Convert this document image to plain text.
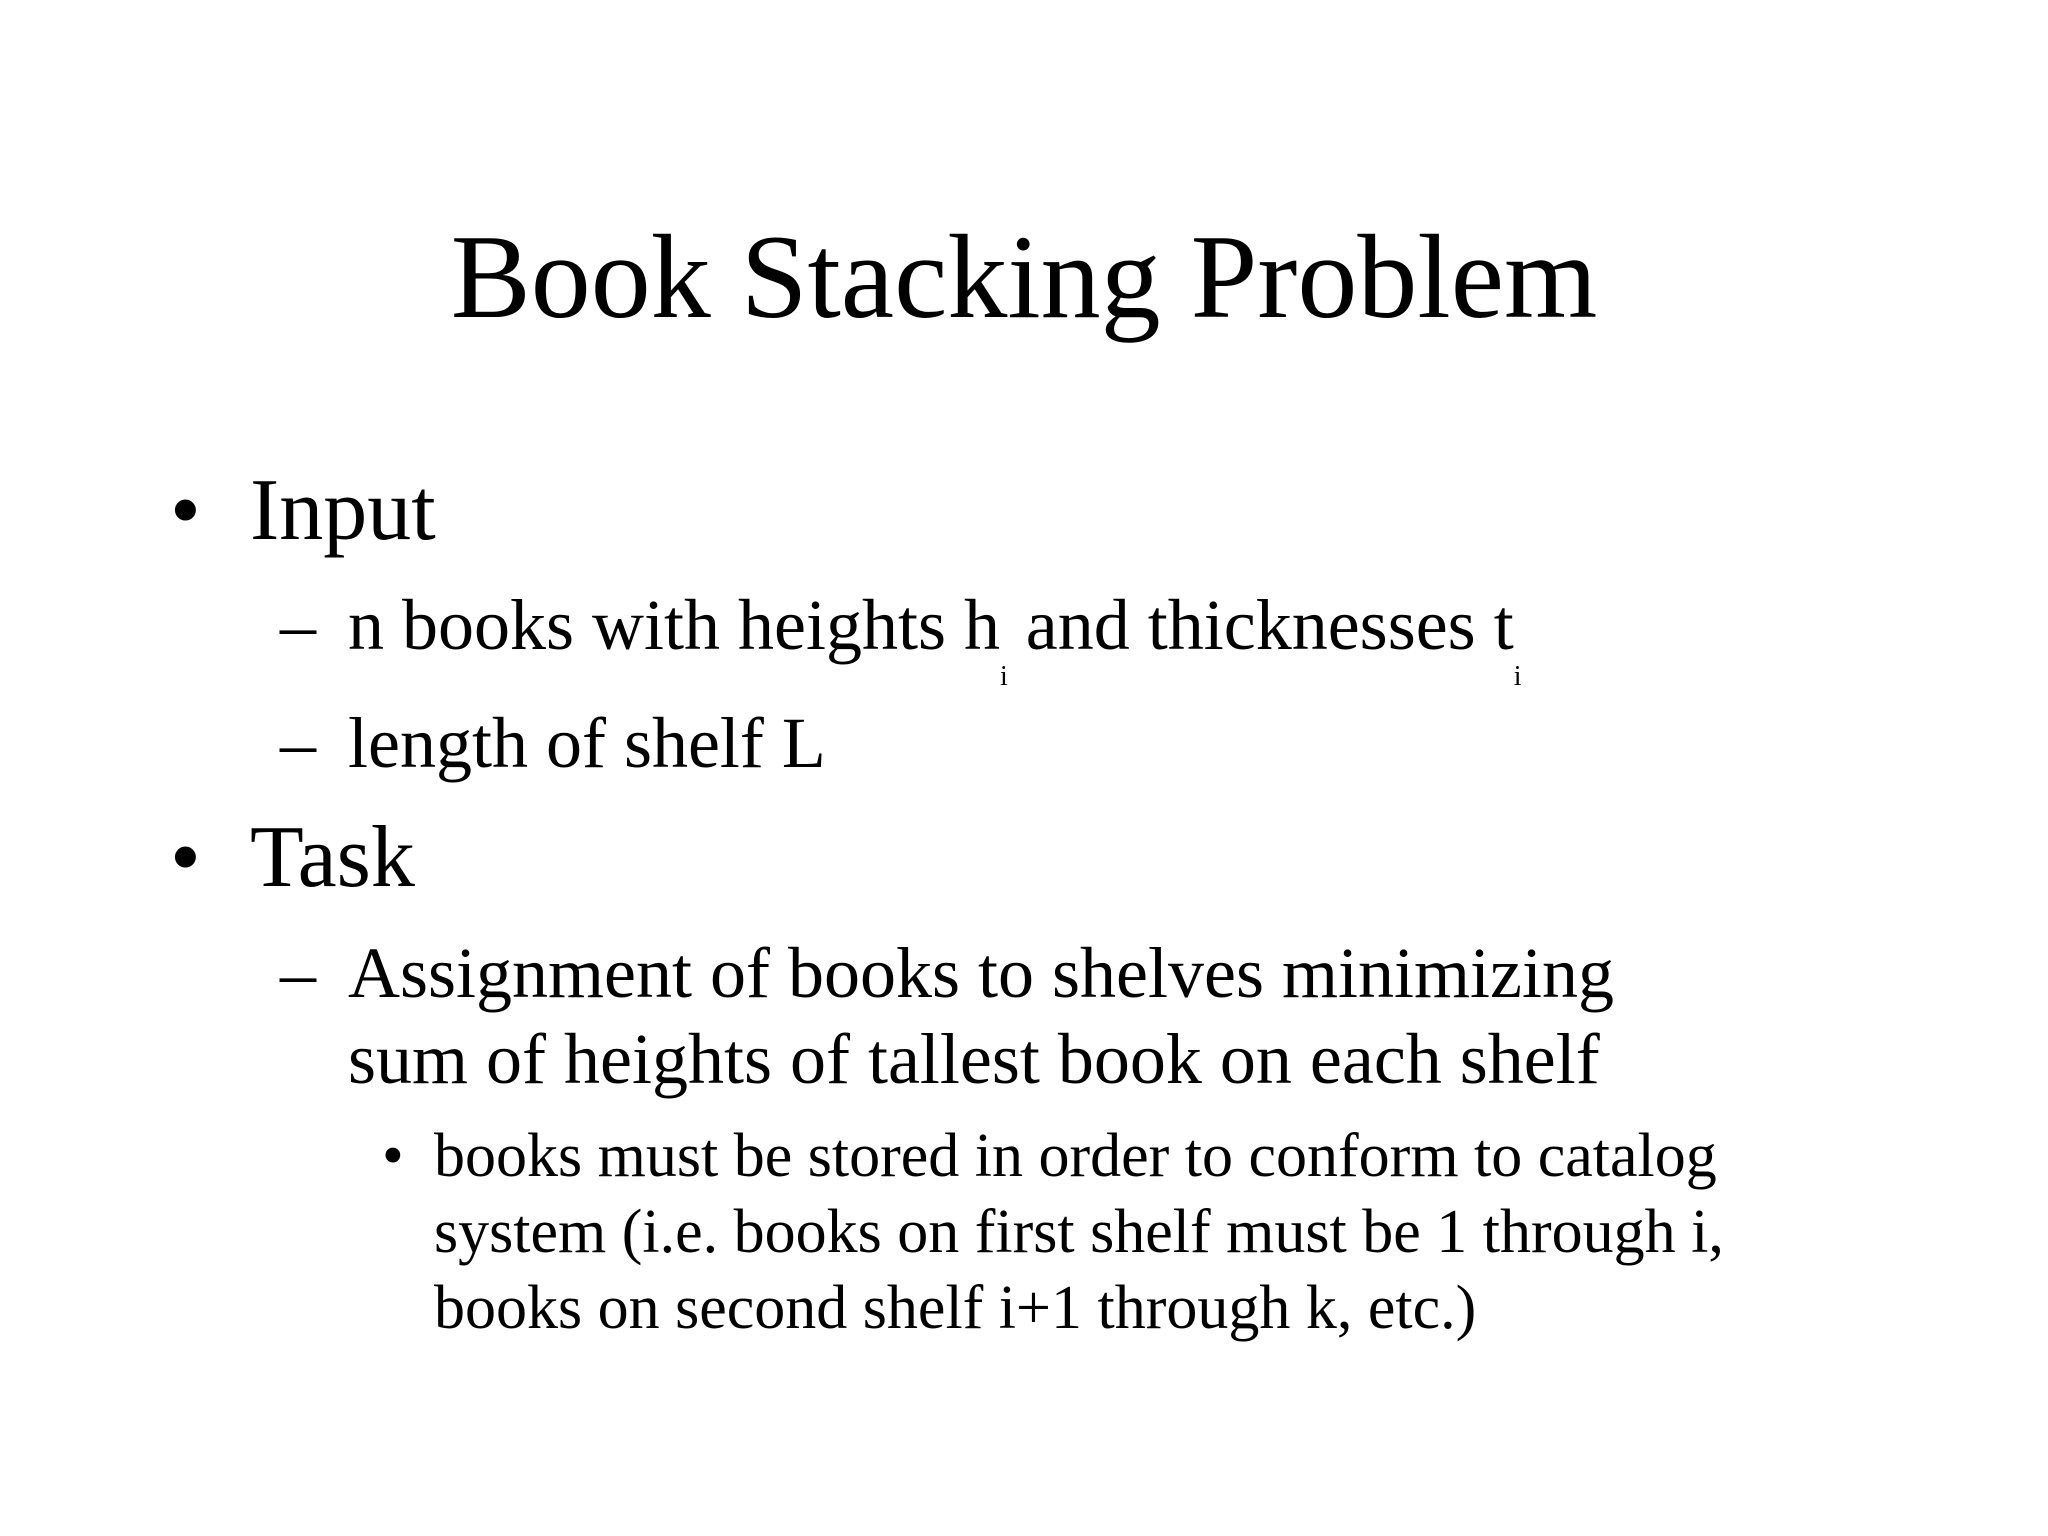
Book Stacking Problem
• Input
– n books with heights $h_i$ and thicknesses $t_i$
– length of shelf L
• Task
– Assignment of books to shelves minimizing
sum of heights of tallest book on each shelf
• books must be stored in order to conform to catalog
system (i.e. books on first shelf must be 1 through i,
books on second shelf i+1 through k, etc.)
